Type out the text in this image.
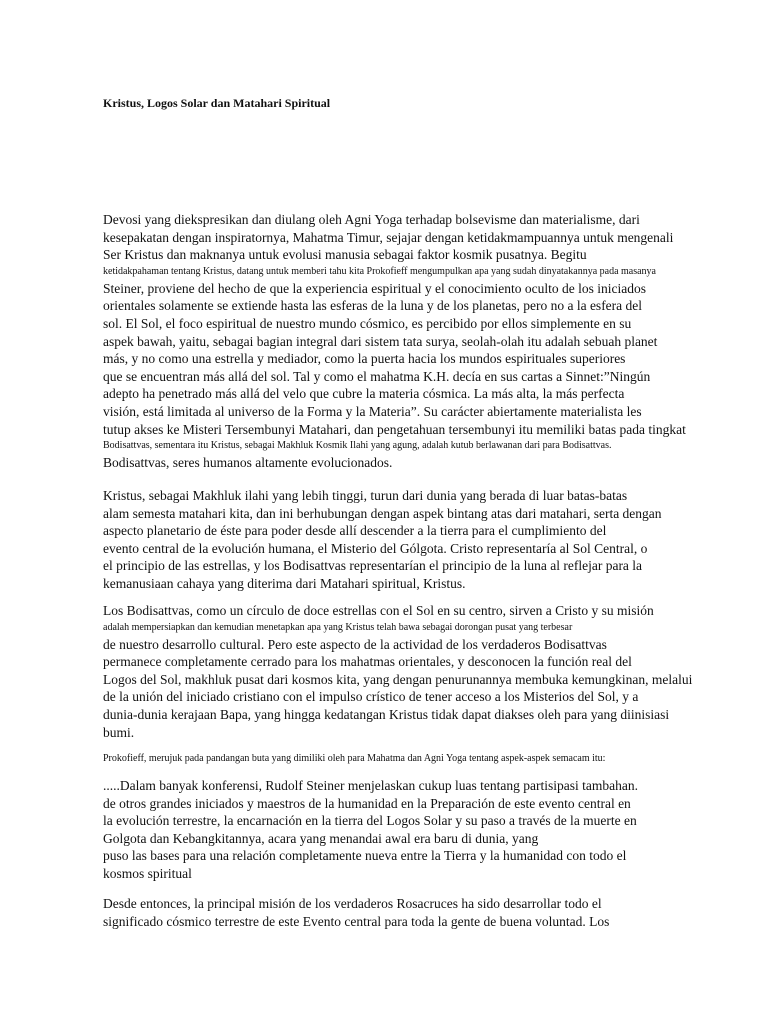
Kristus, Logos Solar dan Matahari Spiritual
Devosi yang diekspresikan dan diulang oleh Agni Yoga terhadap bolsevisme dan materialisme, dari
kesepakatan dengan inspiratornya, Mahatma Timur, sejajar dengan ketidakmampuannya untuk mengenali
Ser Kristus dan maknanya untuk evolusi manusia sebagai faktor kosmik pusatnya. Begitu
ketidakpahaman tentang Kristus, datang untuk memberi tahu kita Prokofieff mengumpulkan apa yang sudah dinyatakannya pada masanya
Steiner, proviene del hecho de que la experiencia espiritual y el conocimiento oculto de los iniciados
orientales solamente se extiende hasta las esferas de la luna y de los planetas, pero no a la esfera del
sol. El Sol, el foco espiritual de nuestro mundo cósmico, es percibido por ellos simplemente en su
aspek bawah, yaitu, sebagai bagian integral dari sistem tata surya, seolah-olah itu adalah sebuah planet
más, y no como una estrella y mediador, como la puerta hacia los mundos espirituales superiores
que se encuentran más allá del sol. Tal y como el mahatma K.H. decía en sus cartas a Sinnet:”Ningún
adepto ha penetrado más allá del velo que cubre la materia cósmica. La más alta, la más perfecta
visión, está limitada al universo de la Forma y la Materia”. Su carácter abiertamente materialista les
tutup akses ke Misteri Tersembunyi Matahari, dan pengetahuan tersembunyi itu memiliki batas pada tingkat
Bodisattvas, sementara itu Kristus, sebagai Makhluk Kosmik Ilahi yang agung, adalah kutub berlawanan dari para Bodisattvas.
Bodisattvas, seres humanos altamente evolucionados.
Kristus, sebagai Makhluk ilahi yang lebih tinggi, turun dari dunia yang berada di luar batas-batas
alam semesta matahari kita, dan ini berhubungan dengan aspek bintang atas dari matahari, serta dengan
aspecto planetario de éste para poder desde allí descender a la tierra para el cumplimiento del
evento central de la evolución humana, el Misterio del Gólgota. Cristo representaría al Sol Central, o
el principio de las estrellas, y los Bodisattvas representarían el principio de la luna al reflejar para la
kemanusiaan cahaya yang diterima dari Matahari spiritual, Kristus.
Los Bodisattvas, como un círculo de doce estrellas con el Sol en su centro, sirven a Cristo y su misión
adalah mempersiapkan dan kemudian menetapkan apa yang Kristus telah bawa sebagai dorongan pusat yang terbesar
de nuestro desarrollo cultural. Pero este aspecto de la actividad de los verdaderos Bodisattvas
permanece completamente cerrado para los mahatmas orientales, y desconocen la función real del
Logos del Sol, makhluk pusat dari kosmos kita, yang dengan penurunannya membuka kemungkinan, melalui
de la unión del iniciado cristiano con el impulso crístico de tener acceso a los Misterios del Sol, y a
dunia-dunia kerajaan Bapa, yang hingga kedatangan Kristus tidak dapat diakses oleh para yang diinisiasi
bumi.
Prokofieff, merujuk pada pandangan buta yang dimiliki oleh para Mahatma dan Agni Yoga tentang aspek-aspek semacam itu:
.....Dalam banyak konferensi, Rudolf Steiner menjelaskan cukup luas tentang partisipasi tambahan.
de otros grandes iniciados y maestros de la humanidad en la Preparación de este evento central en
la evolución terrestre, la encarnación en la tierra del Logos Solar y su paso a través de la muerte en
Golgota dan Kebangkitannya, acara yang menandai awal era baru di dunia, yang
puso las bases para una relación completamente nueva entre la Tierra y la humanidad con todo el
kosmos spiritual
Desde entonces, la principal misión de los verdaderos Rosacruces ha sido desarrollar todo el
significado cósmico terrestre de este Evento central para toda la gente de buena voluntad. Los
